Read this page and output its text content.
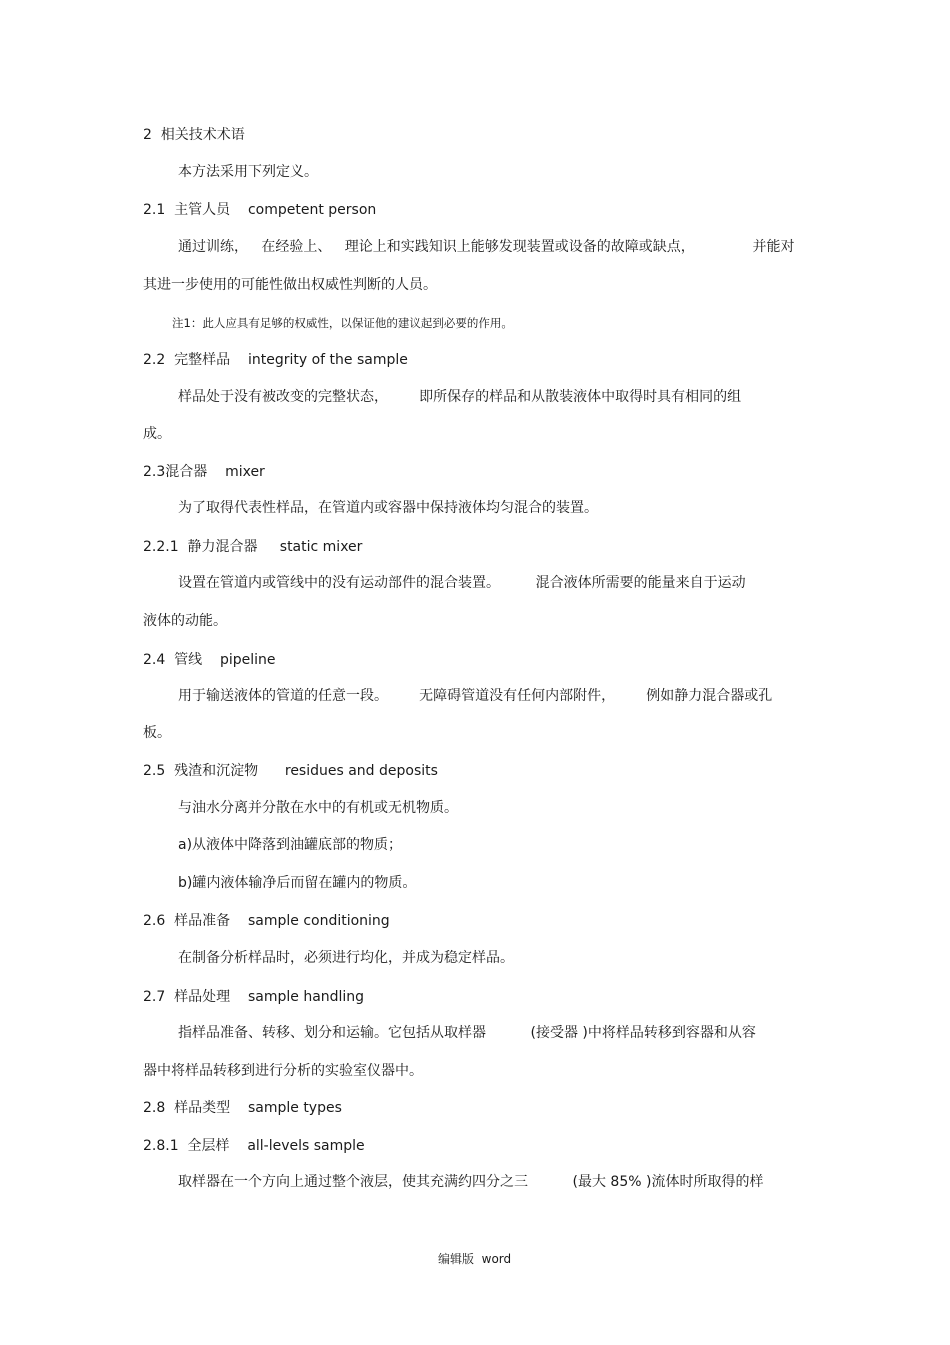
2  相关技术术语
本方法采用下列定义。
2.1  主管人员    competent person
通过训练，   在经验上、   理论上和实践知识上能够发现装置或设备的故障或缺点，             并能对
其进一步使用的可能性做出权威性判断的人员。
注1：此人应具有足够的权威性，以保证他的建议起到必要的作用。
2.2  完整样品    integrity of the sample
样品处于没有被改变的完整状态，       即所保存的样品和从散装液体中取得时具有相同的组
成。
2.3混合器    mixer
为了取得代表性样品，在管道内或容器中保持液体均匀混合的装置。
2.2.1  静力混合器     static mixer
设置在管道内或管线中的没有运动部件的混合装置。        混合液体所需要的能量来自于运动
液体的动能。
2.4  管线    pipeline
用于输送液体的管道的任意一段。       无障碍管道没有任何内部附件，       例如静力混合器或孔
板。
2.5  残渣和沉淀物      residues and deposits
与油水分离并分散在水中的有机或无机物质。
a)从液体中降落到油罐底部的物质；
b)罐内液体输净后而留在罐内的物质。
2.6  样品准备    sample conditioning
在制备分析样品时，必须进行均化，并成为稳定样品。
2.7  样品处理    sample handling
指样品准备、转移、划分和运输。它包括从取样器          (接受器 )中将样品转移到容器和从容
器中将样品转移到进行分析的实验室仪器中。
2.8  样品类型    sample types
2.8.1  全层样    all-levels sample
取样器在一个方向上通过整个液层，使其充满约四分之三          (最大 85% )流体时所取得的样
编辑版  word
